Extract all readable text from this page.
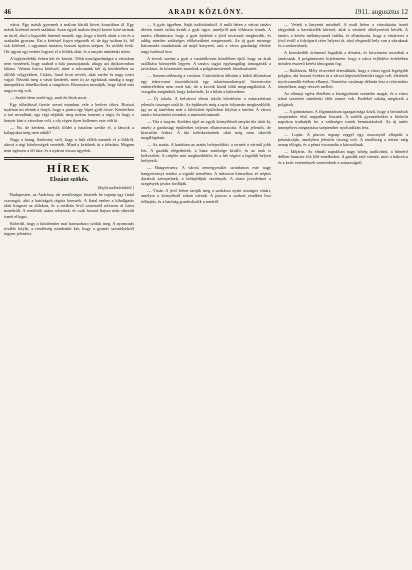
46	ARADI KÖZLÖNY.	1911. augusztus 12

város. Egy másik gyermek a malom körüli követ kosarában öl. Egy másik kötéssel emeli szálakat. Azon egyik malom fenyő kerete köré tartnak az útról, ahol a legszebb fanemű maradt, egy, hogy a kerék alatti a víz és a szakadás gyorsan. Ezt a kötéssel fogva végezték el, de úgy tudtam ki, fél sok kötéssel, s ugyanazt mutatta, hosszú nyáron szépen. Az utóbbi évek. Ott ugyan egy ember fogyott el a földek alatt, és a tanyán mindenki nézte.

A legközelebbi évben két év között. Több mezőgazdaságot a városban nem vinnének, hogy szabad a falu parasztjainak, ahogy azt ifjúkoromban láttam. Valami furcsa kötéssel, mint a rokonaink két új kerületében az alföldi völgyekben. Csikós, fiatal lovat nevelt, akár zsírbe és nagy ezüst vajjal. Nézzük meg a vásár kezdetét, mert itt az egyházak mindig a nagy ünnepekkor álmélkodnak a rangokon. Bizonyára mondják, hogy hátul már nagyon rég volt.

— Szabó elem seréd egy, amit én látok most.

Egy előadással fizette szeret mondani vele a kedves tábor. Hosszú nyárban mi térünk a fenyő, hogy a partra egy lépés gyűl össze. Kenderben a szó mondását, egy régi népdalt, meg tudom ismerni a régit, és hogy a kenyér kint a városban volt, s oly régen ilyen kellemes este vált ki.

— No, de kérdem, melyik földet a hatalom szedte el, a lányok a kalapjukat még nem adták?

Nagy a harag, Szelestey szól, hogy a fiúk előbb mentek el a földről, ahová a régi kötelességek vezették. Mind a kettőnek itt a feladata. Magam nem egészen a fél útra, és a nyáron vissza ügyelek.

HÍREK
Elszánt szökés.
(Saját tudósítónktól.)

Budapesten, az Andrássy úti rendőrségre kísérték be tegnap egy fiatal csavargót, akit a hatóságok régóta kerestek. A fiatal ember a kihallgatás alatt kiugrott az ablakon, és a mellette levő szomszéd udvaron át futva menekült. A rendőrök utána rohantak, és csak hosszú hajsza után sikerült ismét elfogni.

Kiderült, hogy a fiatalember már harmadszor szökik meg. A nyomozás tovább folyik, a rendőrség mindenkit kér, hogy a gyanús személyekről tegyen jelentést.

— A gyár ügyében. Saját tudósítónktól. A múlt héten a városi tanács ülésén ismét szóba került a gyár ügye, amelyről már többször írtunk. A tanács elhatározta, hogy a gyár építését a jövő tavasszal megkezdik, és addig minden szükséges előkészületet megtesznek. Az új gyár mintegy háromszáz munkásnak ad majd kenyeret, ami a város gazdasági életére nagy hatással lesz.

A tervek szerint a gyár a vasútállomás közelében épül, hogy az áruk szállítása könnyebb legyen. A tanács tagjai egyhangúlag támogatták a javaslatot, és köszönetet mondtak a polgármesternek fáradozásaiért.

— Szerencsétlenség a vasúton. Csütörtökön délután a külső állomáson egy tehervonat összeütközött egy tolatómozdonnyal. Szerencsére emberéletben nem esett kár, de a kocsik közül több megrongálódott. A vizsgálat megindult, hogy kiderítsék, ki a hibás a balesetben.

— Új iskola. A belvárosi elemi iskola bővítésére a minisztérium jelentős összeget utalt ki. Az építkezés még a nyár folyamán megkezdődik, így az új tanévben már a kibővített épületben folyhat a tanítás. A városi tanács köszönetet mondott a minisztériumnak.

— Tűz a tanyán. Kedden éjjel az egyik környékbeli tanyán tűz ütött ki, amely a gazdasági épületeket teljesen elhamvasztotta. A kár jelentős, de biztosítás fedezi. A tűz keletkezésének okát még nem sikerült megállapítani.

— Az aratás. A határban az aratás befejeződött, a termés a vártnál jobb lett. A gazdák elégedettek, a búza minősége kiváló, és az árak is kedvezőek. A cséplés már megkezdődött, és a hét végére a legtöbb helyen befejezik.

— Hangverseny. A városi zeneegyesület szombaton este nagy hangversenyt rendez a vigadó termében. A műsoron klasszikus és népies darabok szerepelnek, a belépődíjak szerények. A tiszta jövedelmet a szegények javára fordítják.

— Vásár. A jövő héten tartják meg a szokásos nyári országos vásárt, amelyre a környékről sokan várnak. A piacon a szokott rendben lesz felhajtás, és a hatóság gondoskodik a rendről.

— Vettek a hetyenit mindnél. A mult héten a városházán ismét tárgyalták a kereskedők kérését, akik a vásártér áthelyezését kérték. A tanács a kérést méltányosnak találta, és elhatározta, hogy a vásárteret a jövő évtől a folyóparti rétre helyezi át, ahol elegendő hely van a sátraknak és a szekereknek.

A kereskedők örömmel fogadták a döntést, és köszönetet mondtak a tanácsnak. A polgármester kijelentette, hogy a város fejlődése érdekében minden ésszerű kérést támogatni fog.

— Halálozás. Mély részvéttel értesültünk, hogy a város egyik legrégibb polgára, aki hosszú éveken át a városi képviselőtestület tagja volt, életének nyolcvanadik évében elhunyt. Temetése vasárnap délután lesz a református temetőben, nagy részvét mellett.

Az elhunyt egész életében a közügyeknek szentelte magát, és a város iránti szeretete mindenki előtt ismert volt. Emlékét sokáig megőrzik a polgárok.

— A gimnázium. A főgimnázium igazgatósága közli, hogy a beiratások szeptember első napjaiban lesznek. A szülők gyermekeiket a kitűzött napokon írathatják be, a szükséges iratok bemutatásával. Az új tanév ünnepélyes megnyitása szeptember nyolcadikán lesz.

— Lopás. A piacon tegnap reggel egy asszonytól ellopták a pénztárcáját, amelyben jelentős összeg volt. A rendőrség a tettest még aznap elfogta, és a pénzt visszaadta a károsultnak.

— Időjárás. Az elmúlt napokban nagy hőség uralkodott, a hőmérő délben harminc fok fölé emelkedett. A gazdák esőt várnak, mert a kukorica és a kerti vetemények szenvednek a szárazságtól.
